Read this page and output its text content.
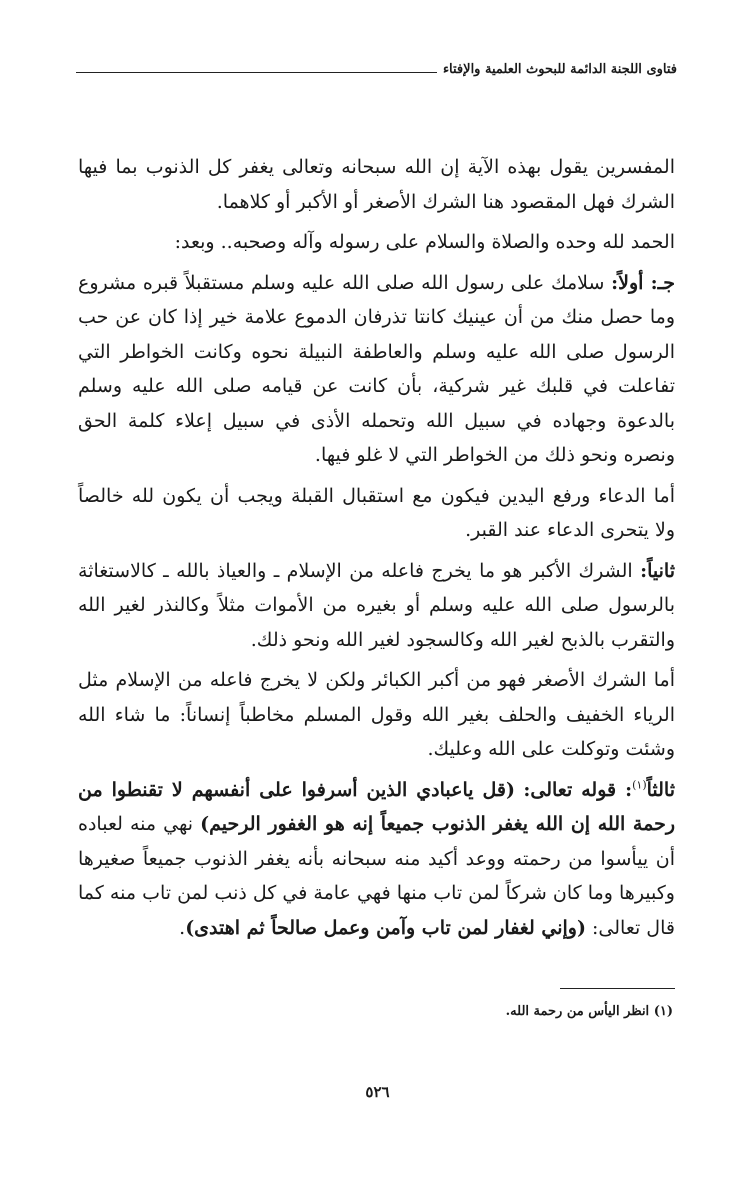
فتاوى اللجنة الدائمة للبحوث العلمية والإفتاء

المفسرين يقول بهذه الآية إن الله سبحانه وتعالى يغفر كل الذنوب بما فيها الشرك فهل المقصود هنا الشرك الأصغر أو الأكبر أو كلاهما.

الحمد لله وحده والصلاة والسلام على رسوله وآله وصحبه.. وبعد:

جـ: أولاً: سلامك على رسول الله صلى الله عليه وسلم مستقبلاً قبره مشروع وما حصل منك من أن عينيك كانتا تذرفان الدموع علامة خير إذا كان عن حب الرسول صلى الله عليه وسلم والعاطفة النبيلة نحوه وكانت الخواطر التي تفاعلت في قلبك غير شركية، بأن كانت عن قيامه صلى الله عليه وسلم بالدعوة وجهاده في سبيل الله وتحمله الأذى في سبيل إعلاء كلمة الحق ونصره ونحو ذلك من الخواطر التي لا غلو فيها.

أما الدعاء ورفع اليدين فيكون مع استقبال القبلة ويجب أن يكون لله خالصاً ولا يتحرى الدعاء عند القبر.

ثانياً: الشرك الأكبر هو ما يخرج فاعله من الإسلام ـ والعياذ بالله ـ كالاستغاثة بالرسول صلى الله عليه وسلم أو بغيره من الأموات مثلاً وكالنذر لغير الله والتقرب بالذبح لغير الله وكالسجود لغير الله ونحو ذلك.

أما الشرك الأصغر فهو من أكبر الكبائر ولكن لا يخرج فاعله من الإسلام مثل الرياء الخفيف والحلف بغير الله وقول المسلم مخاطباً إنساناً: ما شاء الله وشئت وتوكلت على الله وعليك.

ثالثاً$^{(١)}$: قوله تعالى: (قل ياعبادي الذين أسرفوا على أنفسهم لا تقنطوا من رحمة الله إن الله يغفر الذنوب جميعاً إنه هو الغفور الرحيم) نهي منه لعباده أن ييأسوا من رحمته ووعد أكيد منه سبحانه بأنه يغفر الذنوب جميعاً صغيرها وكبيرها وما كان شركاً لمن تاب منها فهي عامة في كل ذنب لمن تاب منه كما قال تعالى: (وإني لغفار لمن تاب وآمن وعمل صالحاً ثم اهتدى).

(١) انظر اليأس من رحمة الله.
٥٢٦
